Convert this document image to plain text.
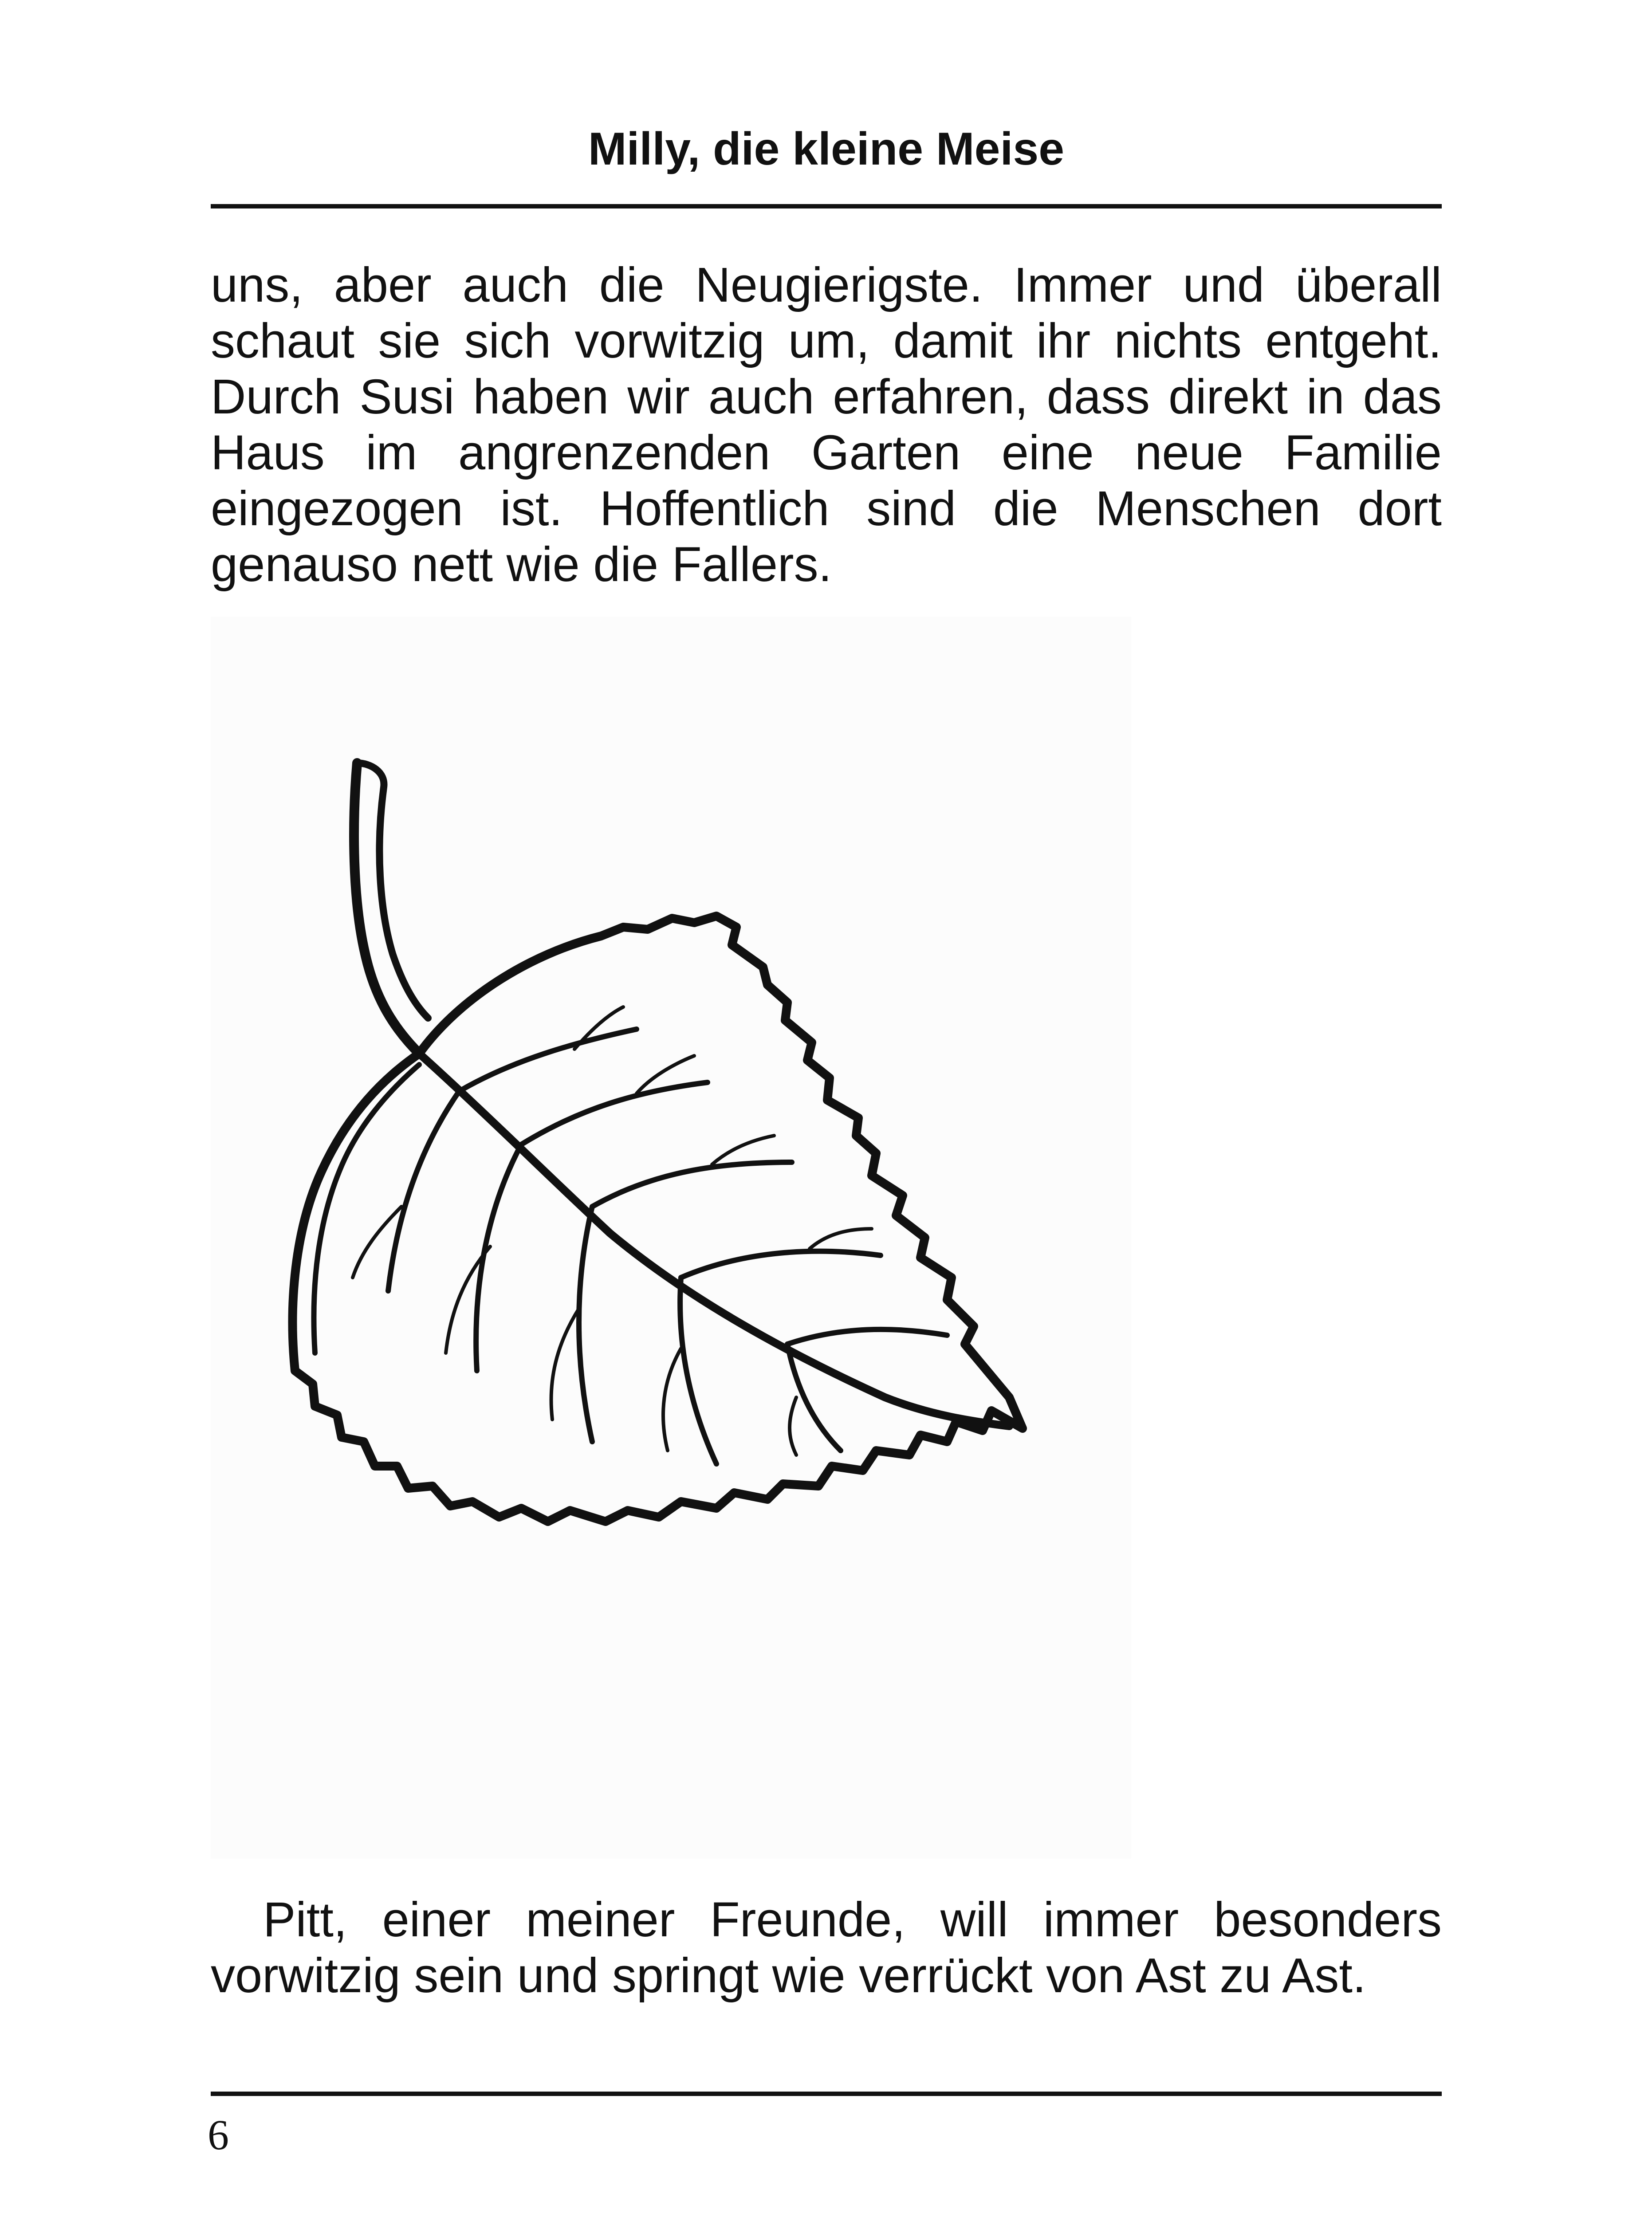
Milly, die kleine Meise

uns, aber auch die Neugierigste. Immer und überall schaut sie sich vorwitzig um, damit ihr nichts entgeht. Durch Susi haben wir auch erfahren, dass direkt in das Haus im angrenzenden Garten eine neue Familie eingezogen ist. Hoffentlich sind die Menschen dort genauso nett wie die Fallers.

Pitt, einer meiner Freunde, will immer besonders vorwitzig sein und springt wie verrückt von Ast zu Ast.

6
